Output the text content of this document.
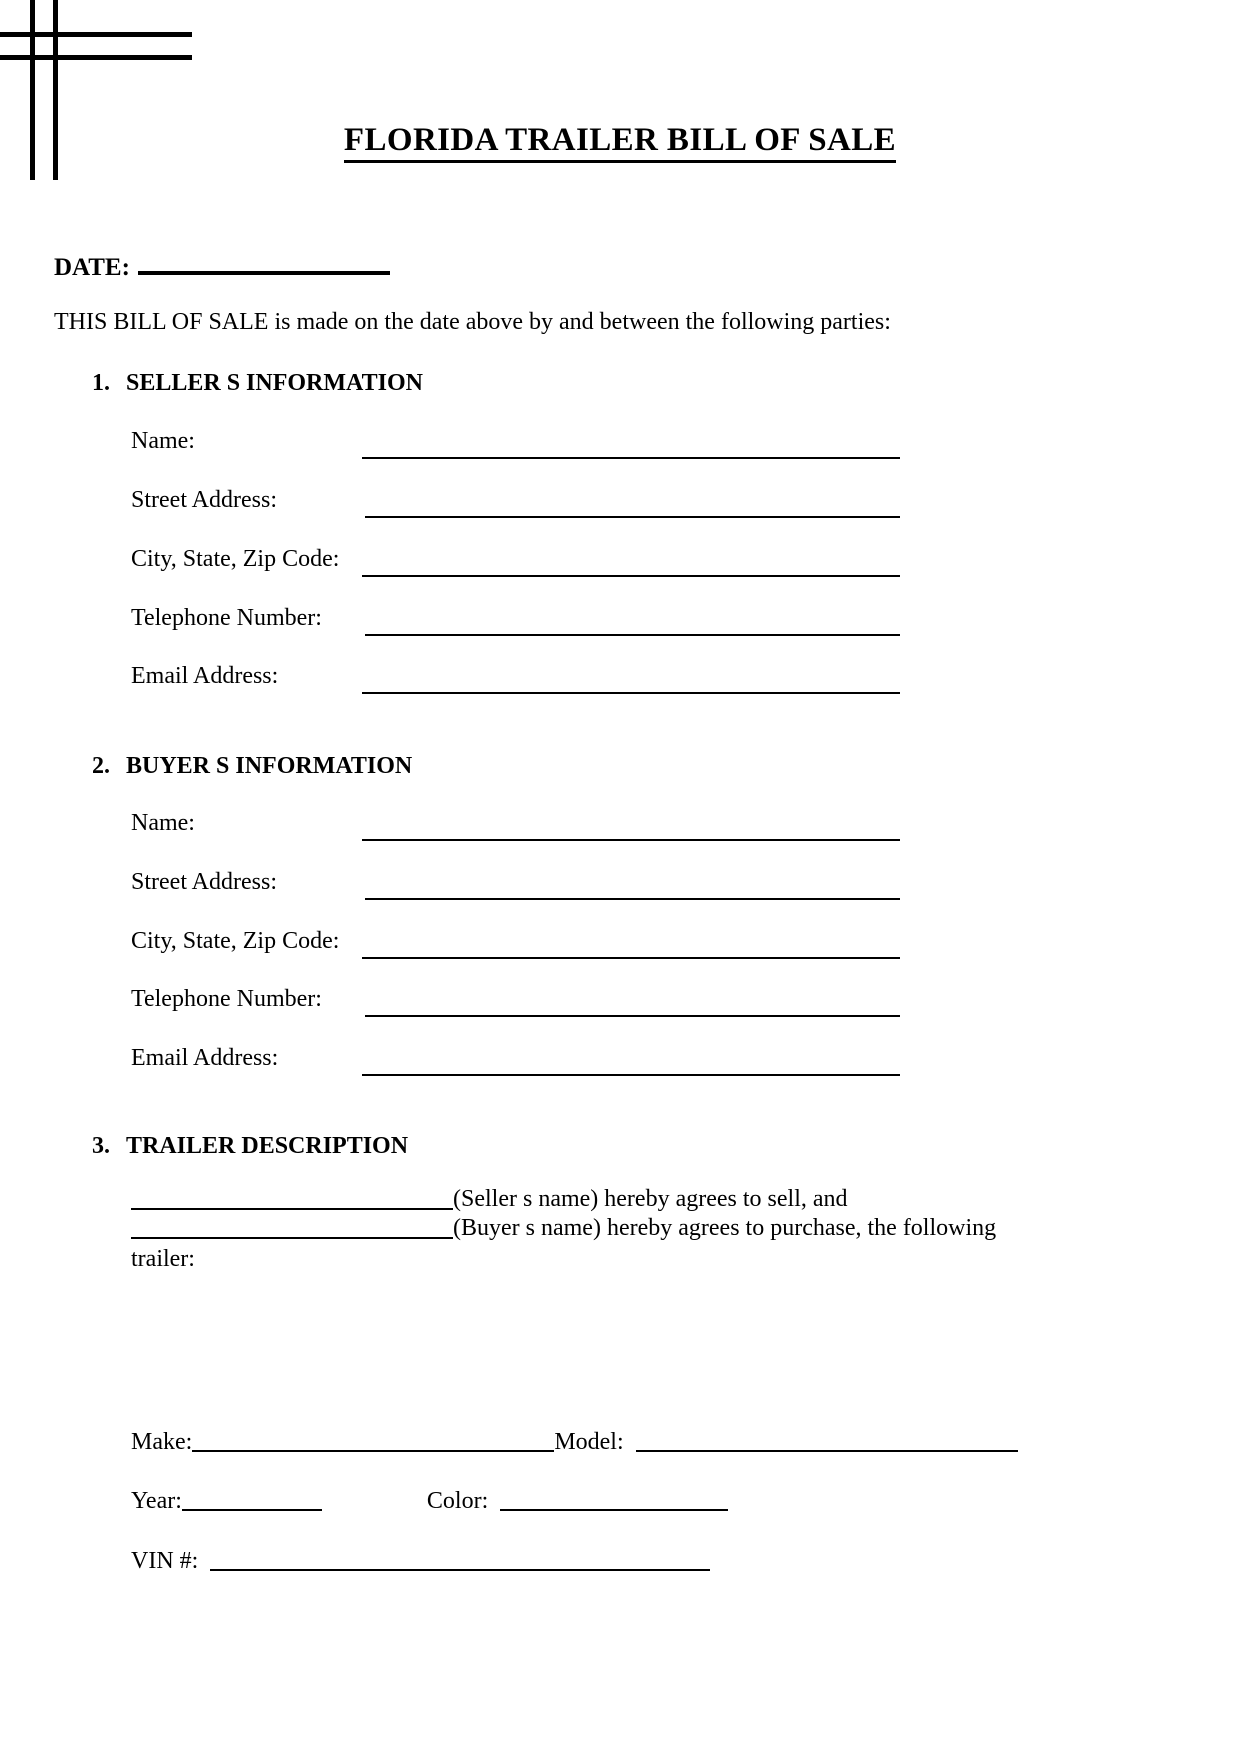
FLORIDA TRAILER BILL OF SALE
DATE:
THIS BILL OF SALE is made on the date above by and between the following parties:
1. SELLER S INFORMATION
Name:
Street Address:
City, State, Zip Code:
Telephone Number:
Email Address:
2. BUYER S INFORMATION
Name:
Street Address:
City, State, Zip Code:
Telephone Number:
Email Address:
3. TRAILER DESCRIPTION
(Seller s name) hereby agrees to sell, and
(Buyer s name) hereby agrees to purchase, the following
trailer:
Make:	Model:
Year:	Color:
VIN #:
